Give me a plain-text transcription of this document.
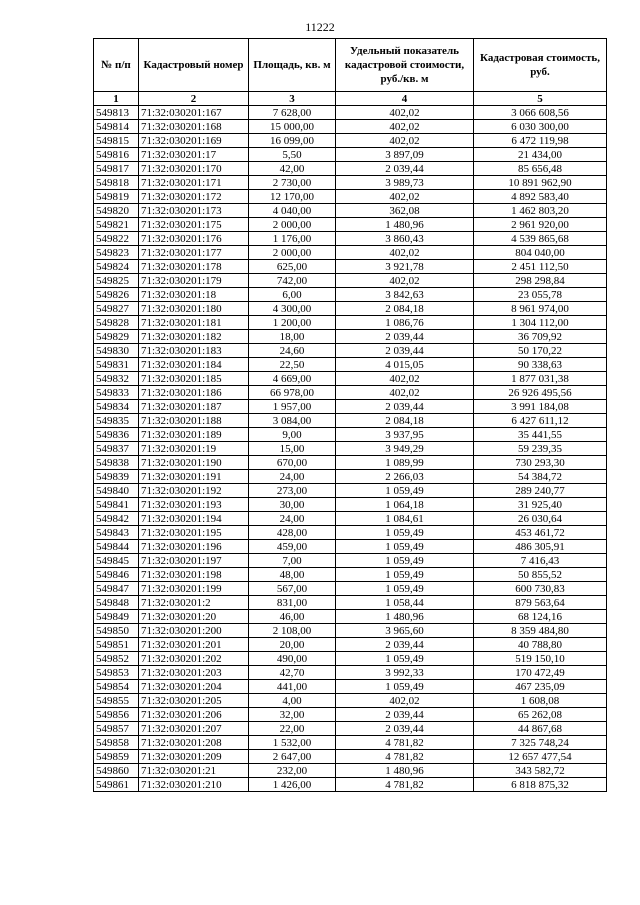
11222
№ п/п	Кадастровый номер	Площадь, кв. м	Удельный показатель кадастровой стоимости, руб./кв. м	Кадастровая стоимость, руб.
1	2	3	4	5
549813	71:32:030201:167	7 628,00	402,02	3 066 608,56
549814	71:32:030201:168	15 000,00	402,02	6 030 300,00
549815	71:32:030201:169	16 099,00	402,02	6 472 119,98
549816	71:32:030201:17	5,50	3 897,09	21 434,00
549817	71:32:030201:170	42,00	2 039,44	85 656,48
549818	71:32:030201:171	2 730,00	3 989,73	10 891 962,90
549819	71:32:030201:172	12 170,00	402,02	4 892 583,40
549820	71:32:030201:173	4 040,00	362,08	1 462 803,20
549821	71:32:030201:175	2 000,00	1 480,96	2 961 920,00
549822	71:32:030201:176	1 176,00	3 860,43	4 539 865,68
549823	71:32:030201:177	2 000,00	402,02	804 040,00
549824	71:32:030201:178	625,00	3 921,78	2 451 112,50
549825	71:32:030201:179	742,00	402,02	298 298,84
549826	71:32:030201:18	6,00	3 842,63	23 055,78
549827	71:32:030201:180	4 300,00	2 084,18	8 961 974,00
549828	71:32:030201:181	1 200,00	1 086,76	1 304 112,00
549829	71:32:030201:182	18,00	2 039,44	36 709,92
549830	71:32:030201:183	24,60	2 039,44	50 170,22
549831	71:32:030201:184	22,50	4 015,05	90 338,63
549832	71:32:030201:185	4 669,00	402,02	1 877 031,38
549833	71:32:030201:186	66 978,00	402,02	26 926 495,56
549834	71:32:030201:187	1 957,00	2 039,44	3 991 184,08
549835	71:32:030201:188	3 084,00	2 084,18	6 427 611,12
549836	71:32:030201:189	9,00	3 937,95	35 441,55
549837	71:32:030201:19	15,00	3 949,29	59 239,35
549838	71:32:030201:190	670,00	1 089,99	730 293,30
549839	71:32:030201:191	24,00	2 266,03	54 384,72
549840	71:32:030201:192	273,00	1 059,49	289 240,77
549841	71:32:030201:193	30,00	1 064,18	31 925,40
549842	71:32:030201:194	24,00	1 084,61	26 030,64
549843	71:32:030201:195	428,00	1 059,49	453 461,72
549844	71:32:030201:196	459,00	1 059,49	486 305,91
549845	71:32:030201:197	7,00	1 059,49	7 416,43
549846	71:32:030201:198	48,00	1 059,49	50 855,52
549847	71:32:030201:199	567,00	1 059,49	600 730,83
549848	71:32:030201:2	831,00	1 058,44	879 563,64
549849	71:32:030201:20	46,00	1 480,96	68 124,16
549850	71:32:030201:200	2 108,00	3 965,60	8 359 484,80
549851	71:32:030201:201	20,00	2 039,44	40 788,80
549852	71:32:030201:202	490,00	1 059,49	519 150,10
549853	71:32:030201:203	42,70	3 992,33	170 472,49
549854	71:32:030201:204	441,00	1 059,49	467 235,09
549855	71:32:030201:205	4,00	402,02	1 608,08
549856	71:32:030201:206	32,00	2 039,44	65 262,08
549857	71:32:030201:207	22,00	2 039,44	44 867,68
549858	71:32:030201:208	1 532,00	4 781,82	7 325 748,24
549859	71:32:030201:209	2 647,00	4 781,82	12 657 477,54
549860	71:32:030201:21	232,00	1 480,96	343 582,72
549861	71:32:030201:210	1 426,00	4 781,82	6 818 875,32
